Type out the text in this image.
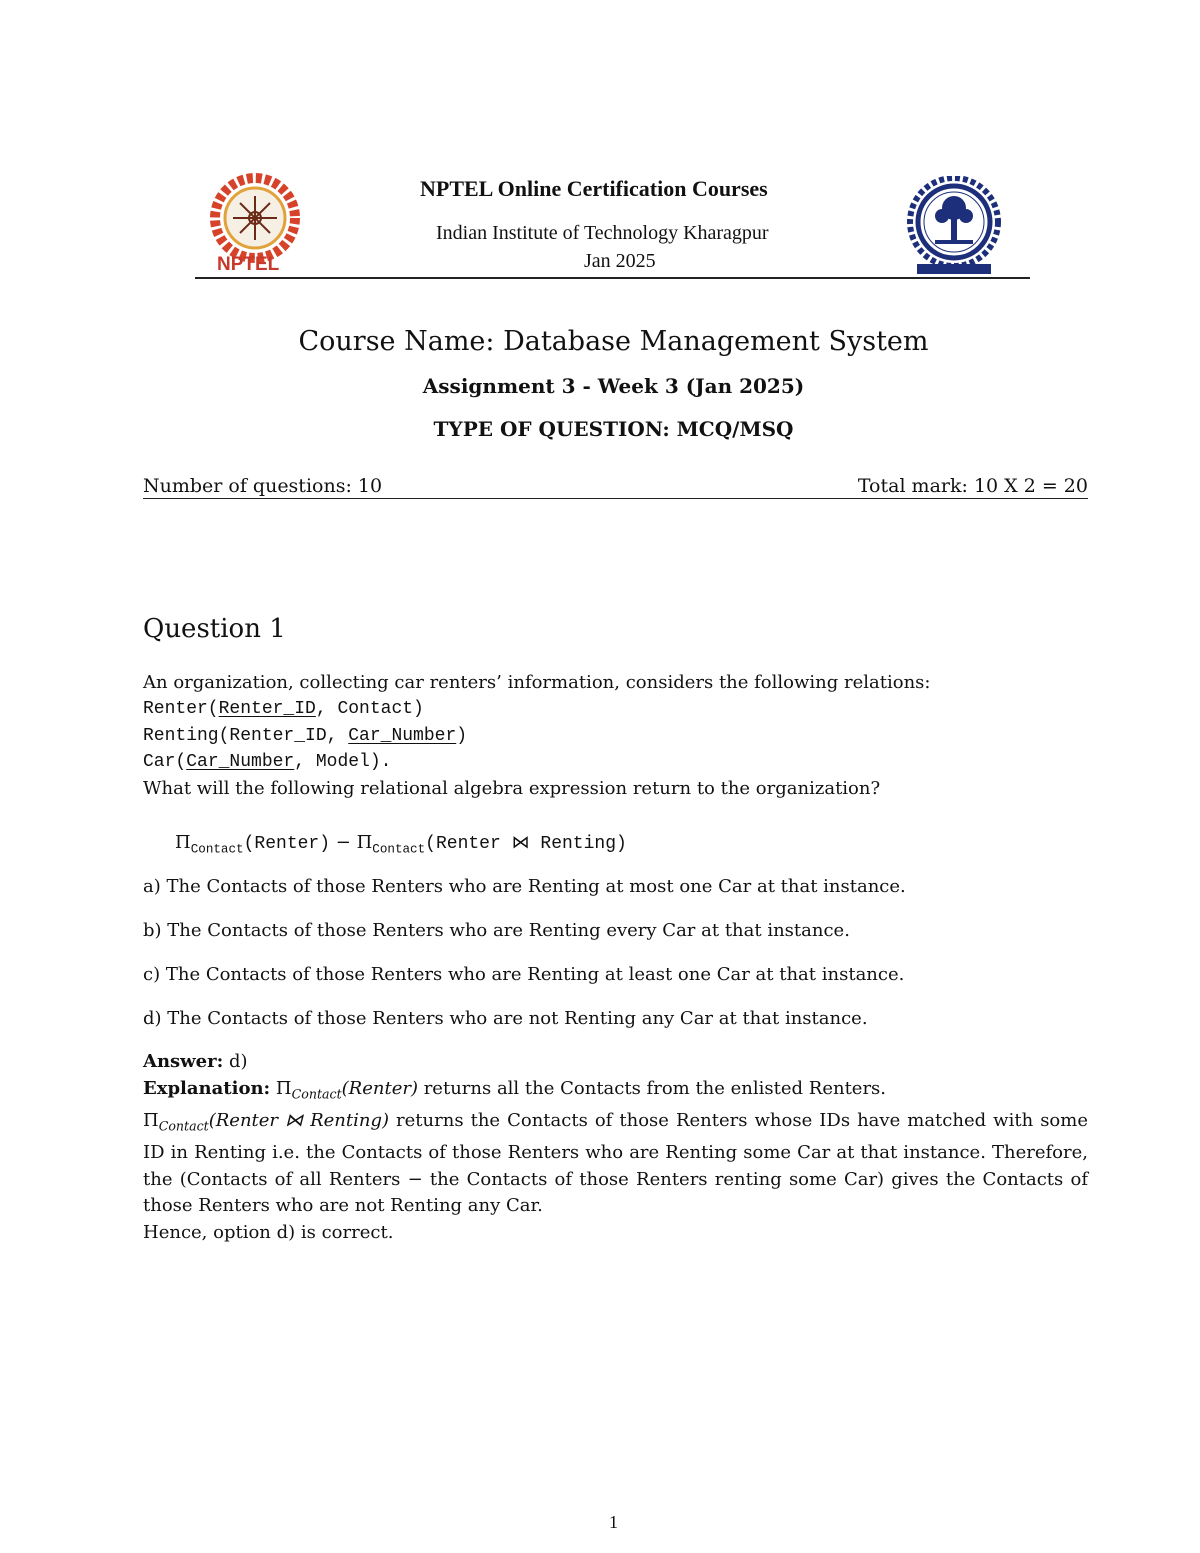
NPTEL
NPTEL Online Certification Courses
Indian Institute of Technology Kharagpur
Jan 2025
Course Name: Database Management System
Assignment 3 - Week 3 (Jan 2025)
TYPE OF QUESTION: MCQ/MSQ
Number of questions: 10	Total mark: 10 X 2 = 20
Question 1
An organization, collecting car renters’ information, considers the following relations:
Renter(Renter_ID, Contact)
Renting(Renter_ID, Car_Number)
Car(Car_Number, Model).
What will the following relational algebra expression return to the organization?
$\Pi_{Contact}(Renter)$ − $\Pi_{Contact}(Renter$ ⋈ Renting)
a) The Contacts of those Renters who are Renting at most one Car at that instance.
b) The Contacts of those Renters who are Renting every Car at that instance.
c) The Contacts of those Renters who are Renting at least one Car at that instance.
d) The Contacts of those Renters who are not Renting any Car at that instance.
Answer: d)
Explanation: $\Pi_{Contact}(Renter)$ returns all the Contacts from the enlisted Renters.
$\Pi_{Contact}(Renter$ ⋈ Renting) returns the Contacts of those Renters whose IDs have matched with some ID in Renting i.e. the Contacts of those Renters who are Renting some Car at that instance. Therefore, the (Contacts of all Renters − the Contacts of those Renters renting some Car) gives the Contacts of those Renters who are not Renting any Car.
Hence, option d) is correct.
1
